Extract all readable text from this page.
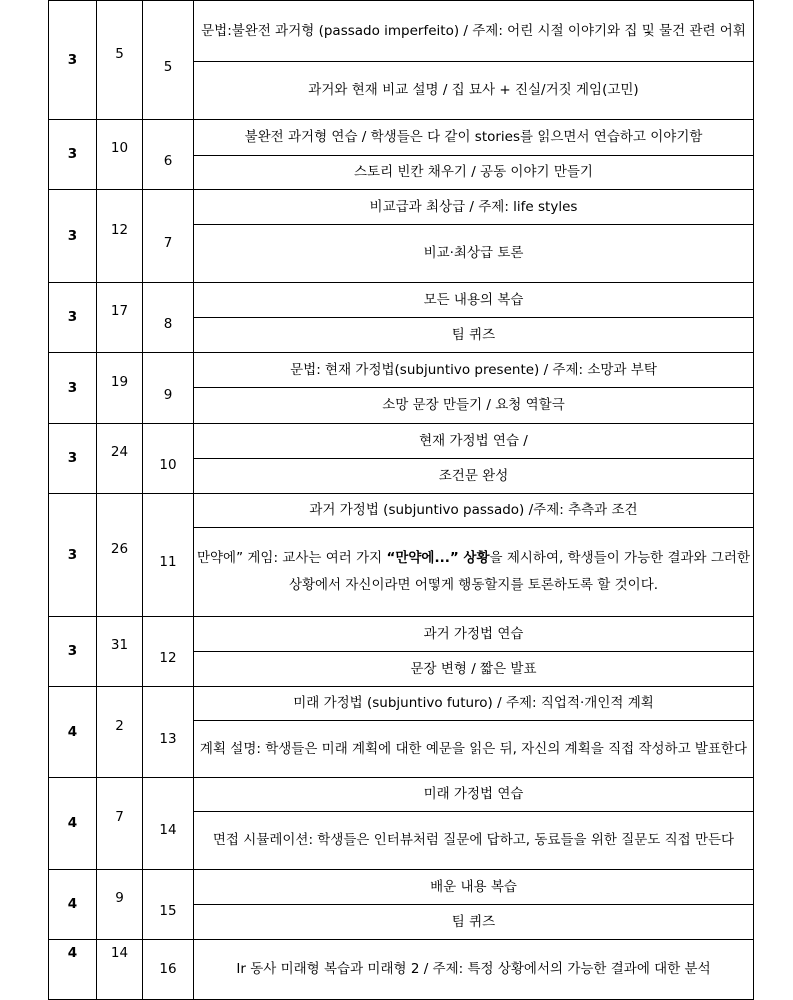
3	5	5	문법:불완전 과거형 (passado imperfeito) / 주제: 어린 시절 이야기와 집 및 물건 관련 어휘

			과거와 현재 비교 설명 / 집 묘사 + 진실/거짓 게임(고민)

3	10	6	불완전 과거형 연습 / 학생들은 다 같이 stories를 읽으면서 연습하고 이야기함

			스토리 빈칸 채우기 / 공동 이야기 만들기

3	12	7	비교급과 최상급 / 주제: life styles

			비교·최상급 토론

3	17	8	모든 내용의 복습

			팀 퀴즈

3	19	9	문법: 현재 가정법(subjuntivo presente) / 주제: 소망과 부탁

			소망 문장 만들기 / 요청 역할극

3	24	10	현재 가정법 연습 /

			조건문 완성

3	26	11	과거 가정법 (subjuntivo passado) /주제: 추측과 조건

			만약에” 게임: 교사는 여러 가지 “만약에...” 상황을 제시하여, 학생들이 가능한 결과와 그러한 상황에서 자신이라면 어떻게 행동할지를 토론하도록 할 것이다.

3	31	12	과거 가정법 연습

			문장 변형 / 짧은 발표

4	2	13	미래 가정법 (subjuntivo futuro) / 주제: 직업적·개인적 계획

			계획 설명: 학생들은 미래 계획에 대한 예문을 읽은 뒤, 자신의 계획을 직접 작성하고 발표한다

4	7	14	미래 가정법 연습

			면접 시뮬레이션: 학생들은 인터뷰처럼 질문에 답하고, 동료들을 위한 질문도 직접 만든다

4	9	15	배운 내용 복습

			팀 퀴즈

4	14	16	Ir 동사 미래형 복습과 미래형 2 / 주제: 특정 상황에서의 가능한 결과에 대한 분석
